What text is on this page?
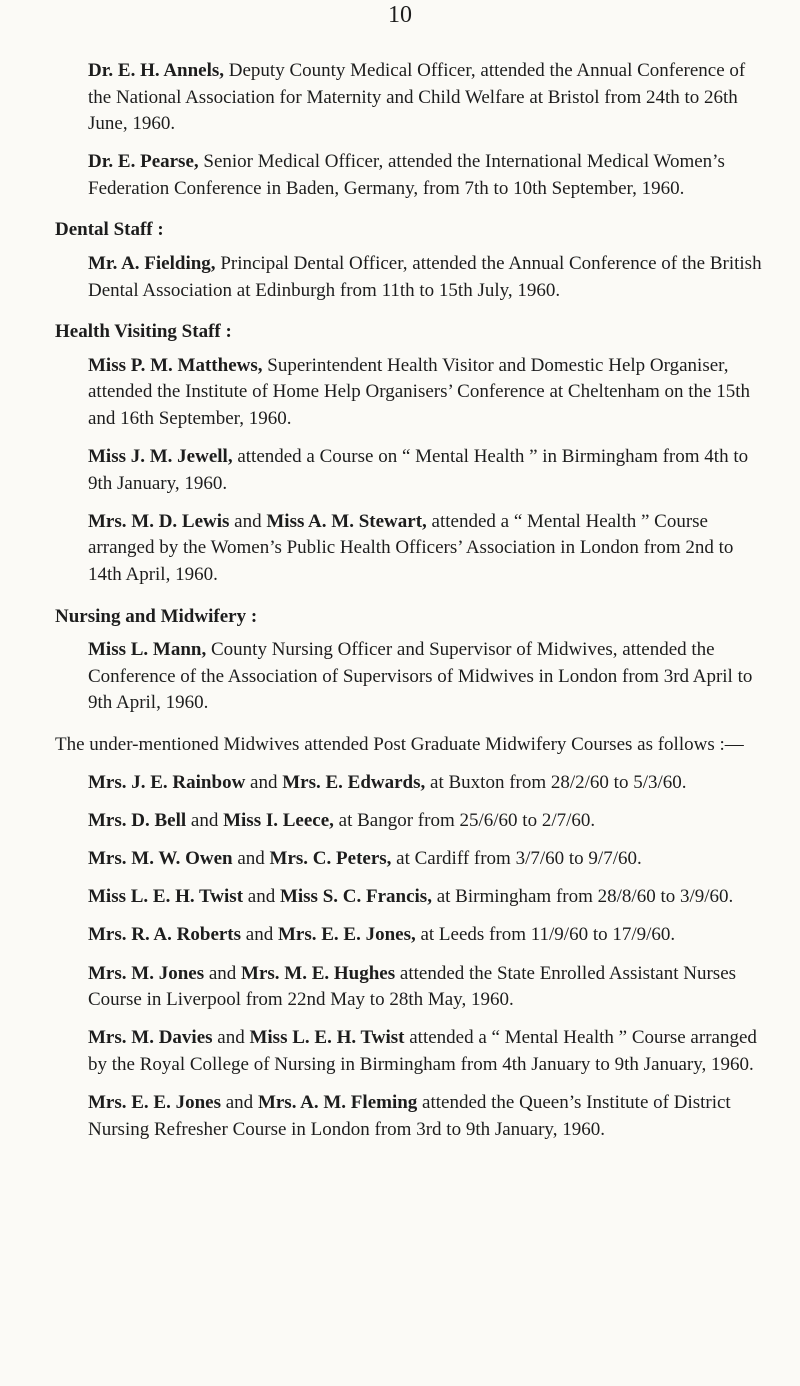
10
Dr. E. H. Annels, Deputy County Medical Officer, attended the Annual Conference of the National Association for Maternity and Child Welfare at Bristol from 24th to 26th June, 1960.
Dr. E. Pearse, Senior Medical Officer, attended the International Medical Women’s Federation Conference in Baden, Germany, from 7th to 10th September, 1960.
Dental Staff :
Mr. A. Fielding, Principal Dental Officer, attended the Annual Conference of the British Dental Association at Edinburgh from 11th to 15th July, 1960.
Health Visiting Staff :
Miss P. M. Matthews, Superintendent Health Visitor and Domestic Help Organiser, attended the Institute of Home Help Organisers’ Conference at Cheltenham on the 15th and 16th September, 1960.
Miss J. M. Jewell, attended a Course on “ Mental Health ” in Birmingham from 4th to 9th January, 1960.
Mrs. M. D. Lewis and Miss A. M. Stewart, attended a “ Mental Health ” Course arranged by the Women’s Public Health Officers’ Association in London from 2nd to 14th April, 1960.
Nursing and Midwifery :
Miss L. Mann, County Nursing Officer and Supervisor of Midwives, attended the Conference of the Association of Supervisors of Midwives in London from 3rd April to 9th April, 1960.
The under-mentioned Midwives attended Post Graduate Midwifery Courses as follows :—
Mrs. J. E. Rainbow and Mrs. E. Edwards, at Buxton from 28/2/60 to 5/3/60.
Mrs. D. Bell and Miss I. Leece, at Bangor from 25/6/60 to 2/7/60.
Mrs. M. W. Owen and Mrs. C. Peters, at Cardiff from 3/7/60 to 9/7/60.
Miss L. E. H. Twist and Miss S. C. Francis, at Birmingham from 28/8/60 to 3/9/60.
Mrs. R. A. Roberts and Mrs. E. E. Jones, at Leeds from 11/9/60 to 17/9/60.
Mrs. M. Jones and Mrs. M. E. Hughes attended the State Enrolled Assistant Nurses Course in Liverpool from 22nd May to 28th May, 1960.
Mrs. M. Davies and Miss L. E. H. Twist attended a “ Mental Health ” Course arranged by the Royal College of Nursing in Birmingham from 4th January to 9th January, 1960.
Mrs. E. E. Jones and Mrs. A. M. Fleming attended the Queen’s Institute of District Nursing Refresher Course in London from 3rd to 9th January, 1960.
